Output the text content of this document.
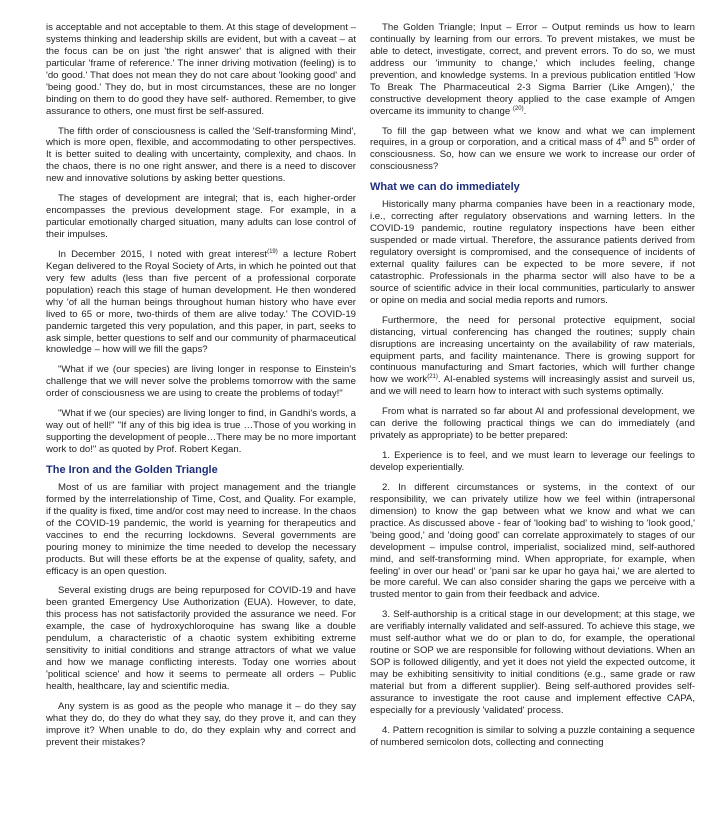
is acceptable and not acceptable to them. At this stage of development – systems thinking and leadership skills are evident, but with a caveat – at the focus can be on just 'the right answer' that is aligned with their particular 'frame of reference.' The inner driving motivation (feeling) is to 'do good.' That does not mean they do not care about 'looking good' and 'being good.' They do, but in most circumstances, these are no longer binding on them to do good they have self- authored. Remember, to give assurance to others, one must first be self-assured.

The fifth order of consciousness is called the 'Self-transforming Mind', which is more open, flexible, and accommodating to other perspectives. It is better suited to dealing with uncertainty, complexity, and chaos. In the chaos, there is no one right answer, and there is a need to discover new and innovative solutions by asking better questions.

The stages of development are integral; that is, each higher-order encompasses the previous development stage. For example, in a particular emotionally charged situation, many adults can lose control of their impulses.

In December 2015, I noted with great interest$^{(19)}$ a lecture Robert Kegan delivered to the Royal Society of Arts, in which he pointed out that very few adults (less than five percent of a professional corporate population) reach this stage of human development. He then wondered why 'of all the human beings throughout human history who have ever lived to 65 or more, two-thirds of them are alive today.' The COVID-19 pandemic targeted this very population, and this paper, in part, seeks to ask simple, better questions to self and our community of pharmaceutical knowledge – how will we fill the gaps?

"What if we (our species) are living longer in response to Einstein's challenge that we will never solve the problems tomorrow with the same order of consciousness we are using to create the problems of today!"

"What if we (our species) are living longer to find, in Gandhi's words, a way out of hell!" "If any of this big idea is true …Those of you working in supporting the development of people…There may be no more important work to do!" as quoted by Prof. Robert Kegan.

The Iron and the Golden Triangle

Most of us are familiar with project management and the triangle formed by the interrelationship of Time, Cost, and Quality. For example, if the quality is fixed, time and/or cost may need to increase. In the chaos of the COVID-19 pandemic, the world is yearning for therapeutics and vaccines to end the recurring lockdowns. Several governments are pouring money to minimize the time needed to develop the necessary products. But will these efforts be at the expense of quality, safety, and efficacy is an open question.

Several existing drugs are being repurposed for COVID-19 and have been granted Emergency Use Authorization (EUA). However, to date, this process has not satisfactorily provided the assurance we need. For example, the case of hydroxychloroquine has swang like a double pendulum, a characteristic of a chaotic system exhibiting extreme sensitivity to initial conditions and strange attractors of what we value and how we manage conflicting interests. Today one worries about 'political science' and how it seems to permeate all orders – Public health, healthcare, lay and scientific media.

Any system is as good as the people who manage it – do they say what they do, do they do what they say, do they prove it, and can they improve it? When unable to do, do they explain why and correct and prevent their mistakes?

The Golden Triangle; Input – Error – Output reminds us how to learn continually by learning from our errors. To prevent mistakes, we must be able to detect, investigate, correct, and prevent errors. To do so, we must address our 'immunity to change,' which includes feeling, change prevention, and knowledge systems. In a previous publication entitled 'How To Break The Pharmaceutical 2-3 Sigma Barrier (Like Amgen),' the constructive development theory applied to the case example of Amgen overcame its immunity to change $^{(20)}$.

To fill the gap between what we know and what we can implement requires, in a group or corporation, and a critical mass of 4th and 5th order of consciousness. So, how can we ensure we work to increase our order of consciousness?

What we can do immediately

Historically many pharma companies have been in a reactionary mode, i.e., correcting after regulatory observations and warning letters. In the COVID-19 pandemic, routine regulatory inspections have been either suspended or made virtual. Therefore, the assurance patients derived from regulatory oversight is compromised, and the consequence of incidents of external quality failures can be expected to be more severe, if not catastrophic. Professionals in the pharma sector will also have to be a source of scientific advice in their local communities, particularly to answer or opine on media and social media reports and rumors.

Furthermore, the need for personal protective equipment, social distancing, virtual conferencing has changed the routines; supply chain disruptions are increasing uncertainty on the availability of raw materials, equipment parts, and facility maintenance. There is growing support for continuous manufacturing and Smart factories, which will further change how we work$^{(21)}$. AI-enabled systems will increasingly assist and surveil us, and we will need to learn how to interact with such systems optimally.

From what is narrated so far about AI and professional development, we can derive the following practical things we can do immediately (and privately as appropriate) to be better prepared:

1. Experience is to feel, and we must learn to leverage our feelings to develop experientially.

2. In different circumstances or systems, in the context of our responsibility, we can privately utilize how we feel within (intrapersonal dimension) to know the gap between what we know and what we can practice. As discussed above - fear of 'looking bad' to wishing to 'look good,' 'being good,' and 'doing good' can correlate approximately to stages of our development – impulse control, imperialist, socialized mind, self-authored mind, and self-transforming mind. When appropriate, for example, when feeling' in over our head' or 'pani sar ke upar ho gaya hai,' we are alerted to be more careful. We can also consider sharing the gaps we perceive with a trusted mentor to gain from their feedback and advice.

3. Self-authorship is a critical stage in our development; at this stage, we are verifiably internally validated and self-assured. To achieve this stage, we must self-author what we do or plan to do, for example, the operational routine or SOP we are responsible for following without deviations. When an SOP is followed diligently, and yet it does not yield the expected outcome, it may be exhibiting sensitivity to initial conditions (e.g., same grade or raw material but from a different supplier). Being self-authored provides self-assurance to investigate the root cause and implement effective CAPA, especially for a previously 'validated' process.

4. Pattern recognition is similar to solving a puzzle containing a sequence of numbered semicolon dots, collecting and connecting
